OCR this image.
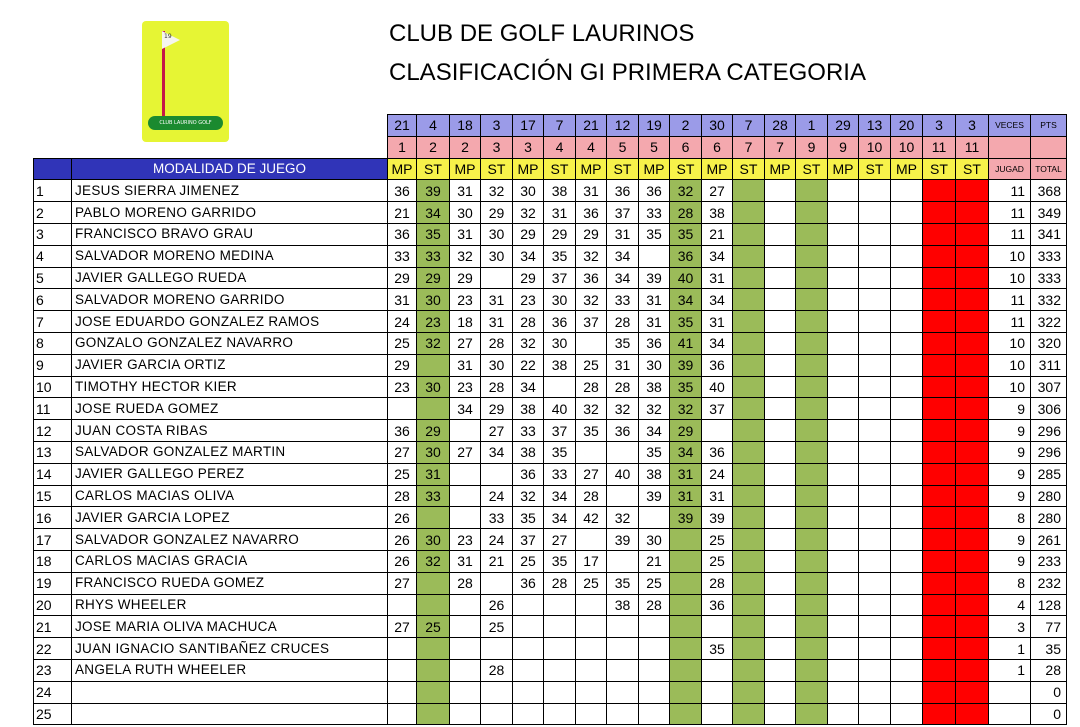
19
CLUB LAURINO GOLF
CLUB DE GOLF LAURINOS
CLASIFICACIÓN GI PRIMERA CATEGORIA
		21	4	18	3	17	7	21	12	19	2	30	7	28	1	29	13	20	3	3	VECES	PTS
		1	2	2	3	3	4	4	5	5	6	6	7	7	9	9	10	10	11	11		
	MODALIDAD DE JUEGO	MP	ST	MP	ST	MP	ST	MP	ST	MP	ST	MP	ST	MP	ST	MP	ST	MP	ST	ST	JUGAD	TOTAL
1	JESUS SIERRA JIMENEZ	36	39	31	32	30	38	31	36	36	32	27									11	368
2	PABLO MORENO GARRIDO	21	34	30	29	32	31	36	37	33	28	38									11	349
3	FRANCISCO BRAVO GRAU	36	35	31	30	29	29	29	31	35	35	21									11	341
4	SALVADOR MORENO MEDINA	33	33	32	30	34	35	32	34		36	34									10	333
5	JAVIER GALLEGO RUEDA	29	29	29		29	37	36	34	39	40	31									10	333
6	SALVADOR MORENO GARRIDO	31	30	23	31	23	30	32	33	31	34	34									11	332
7	JOSE EDUARDO GONZALEZ RAMOS	24	23	18	31	28	36	37	28	31	35	31									11	322
8	GONZALO GONZALEZ NAVARRO	25	32	27	28	32	30		35	36	41	34									10	320
9	JAVIER GARCIA ORTIZ	29		31	30	22	38	25	31	30	39	36									10	311
10	TIMOTHY HECTOR KIER	23	30	23	28	34		28	28	38	35	40									10	307
11	JOSE RUEDA GOMEZ			34	29	38	40	32	32	32	32	37									9	306
12	JUAN COSTA RIBAS	36	29		27	33	37	35	36	34	29										9	296
13	SALVADOR GONZALEZ MARTIN	27	30	27	34	38	35			35	34	36									9	296
14	JAVIER GALLEGO PEREZ	25	31			36	33	27	40	38	31	24									9	285
15	CARLOS MACIAS OLIVA	28	33		24	32	34	28		39	31	31									9	280
16	JAVIER GARCIA LOPEZ	26			33	35	34	42	32		39	39									8	280
17	SALVADOR GONZALEZ NAVARRO	26	30	23	24	37	27		39	30		25									9	261
18	CARLOS MACIAS GRACIA	26	32	31	21	25	35	17		21		25									9	233
19	FRANCISCO RUEDA GOMEZ	27		28		36	28	25	35	25		28									8	232
20	RHYS WHEELER				26				38	28		36									4	128
21	JOSE MARIA OLIVA MACHUCA	27	25		25																3	77
22	JUAN IGNACIO SANTIBAÑEZ CRUCES											35									1	35
23	ANGELA RUTH WHEELER				28																1	28
24																						0
25																						0
